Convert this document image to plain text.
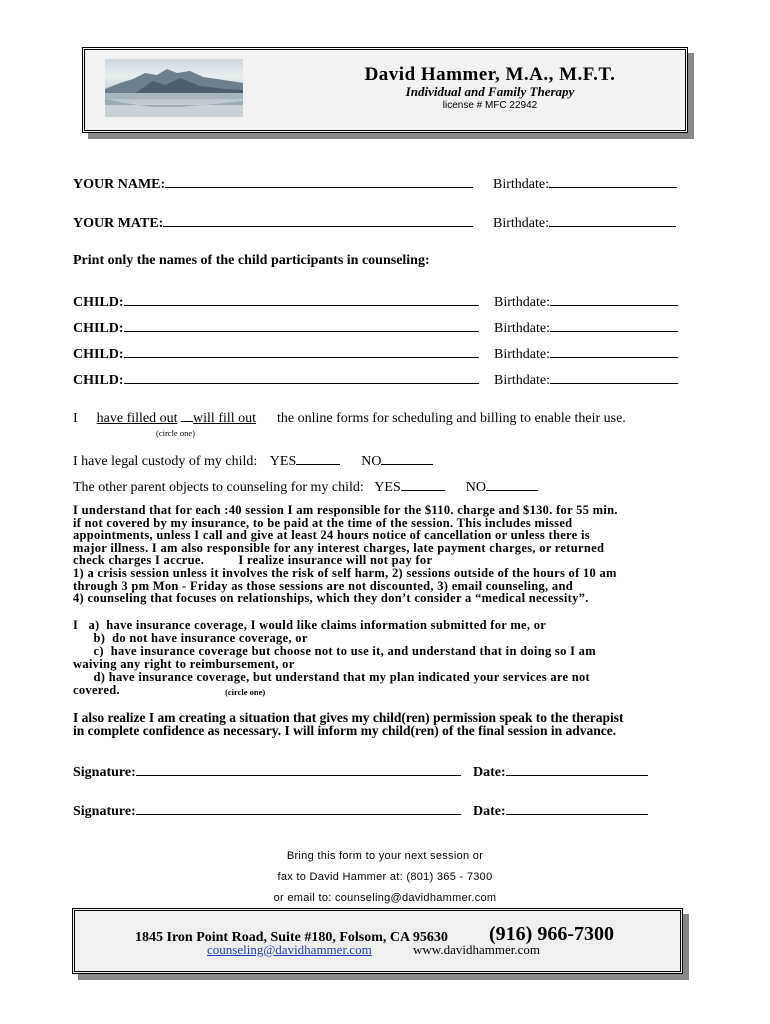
David Hammer, M.A., M.F.T.
Individual and Family Therapy
license # MFC 22942
YOUR NAME:	Birthdate:
YOUR MATE:	Birthdate:
Print only the names of the child participants in counseling:
CHILD:	Birthdate:
CHILD:	Birthdate:
CHILD:	Birthdate:
CHILD:	Birthdate:
I have filled out will fill out the online forms for scheduling and billing to enable their use.
(circle one)
I have legal custody of my child: YES	NO
The other parent objects to counseling for my child: YES	NO
I understand that for each :40 session I am responsible for the $110. charge and $130. for 55 min.
if not covered by my insurance, to be paid at the time of the session. This includes missed
appointments, unless I call and give at least 24 hours notice of cancellation or unless there is
major illness. I am also responsible for any interest charges, late payment charges, or returned
check charges I accrue.          I realize insurance will not pay for
1) a crisis session unless it involves the risk of self harm, 2) sessions outside of the hours of 10 am
through 3 pm Mon - Friday as those sessions are not discounted, 3) email counseling, and
4) counseling that focuses on relationships, which they don’t consider a “medical necessity”.
I   a)  have insurance coverage, I would like claims information submitted for me, or
b)  do not have insurance coverage, or
c)  have insurance coverage but choose not to use it, and understand that in doing so I am
waiving any right to reimbursement, or
d) have insurance coverage, but understand that my plan indicated your services are not
covered.	(circle one)
I also realize I am creating a situation that gives my child(ren) permission speak to the therapist
in complete confidence as necessary. I will inform my child(ren) of the final session in advance.
Signature:	Date:
Signature:	Date:
Bring this form to your next session or
fax to David Hammer at: (801) 365 - 7300
or email to: counseling@davidhammer.com
1845 Iron Point Road, Suite #180, Folsom, CA 95630 (916) 966-7300
counseling@davidhammer.com	www.davidhammer.com
